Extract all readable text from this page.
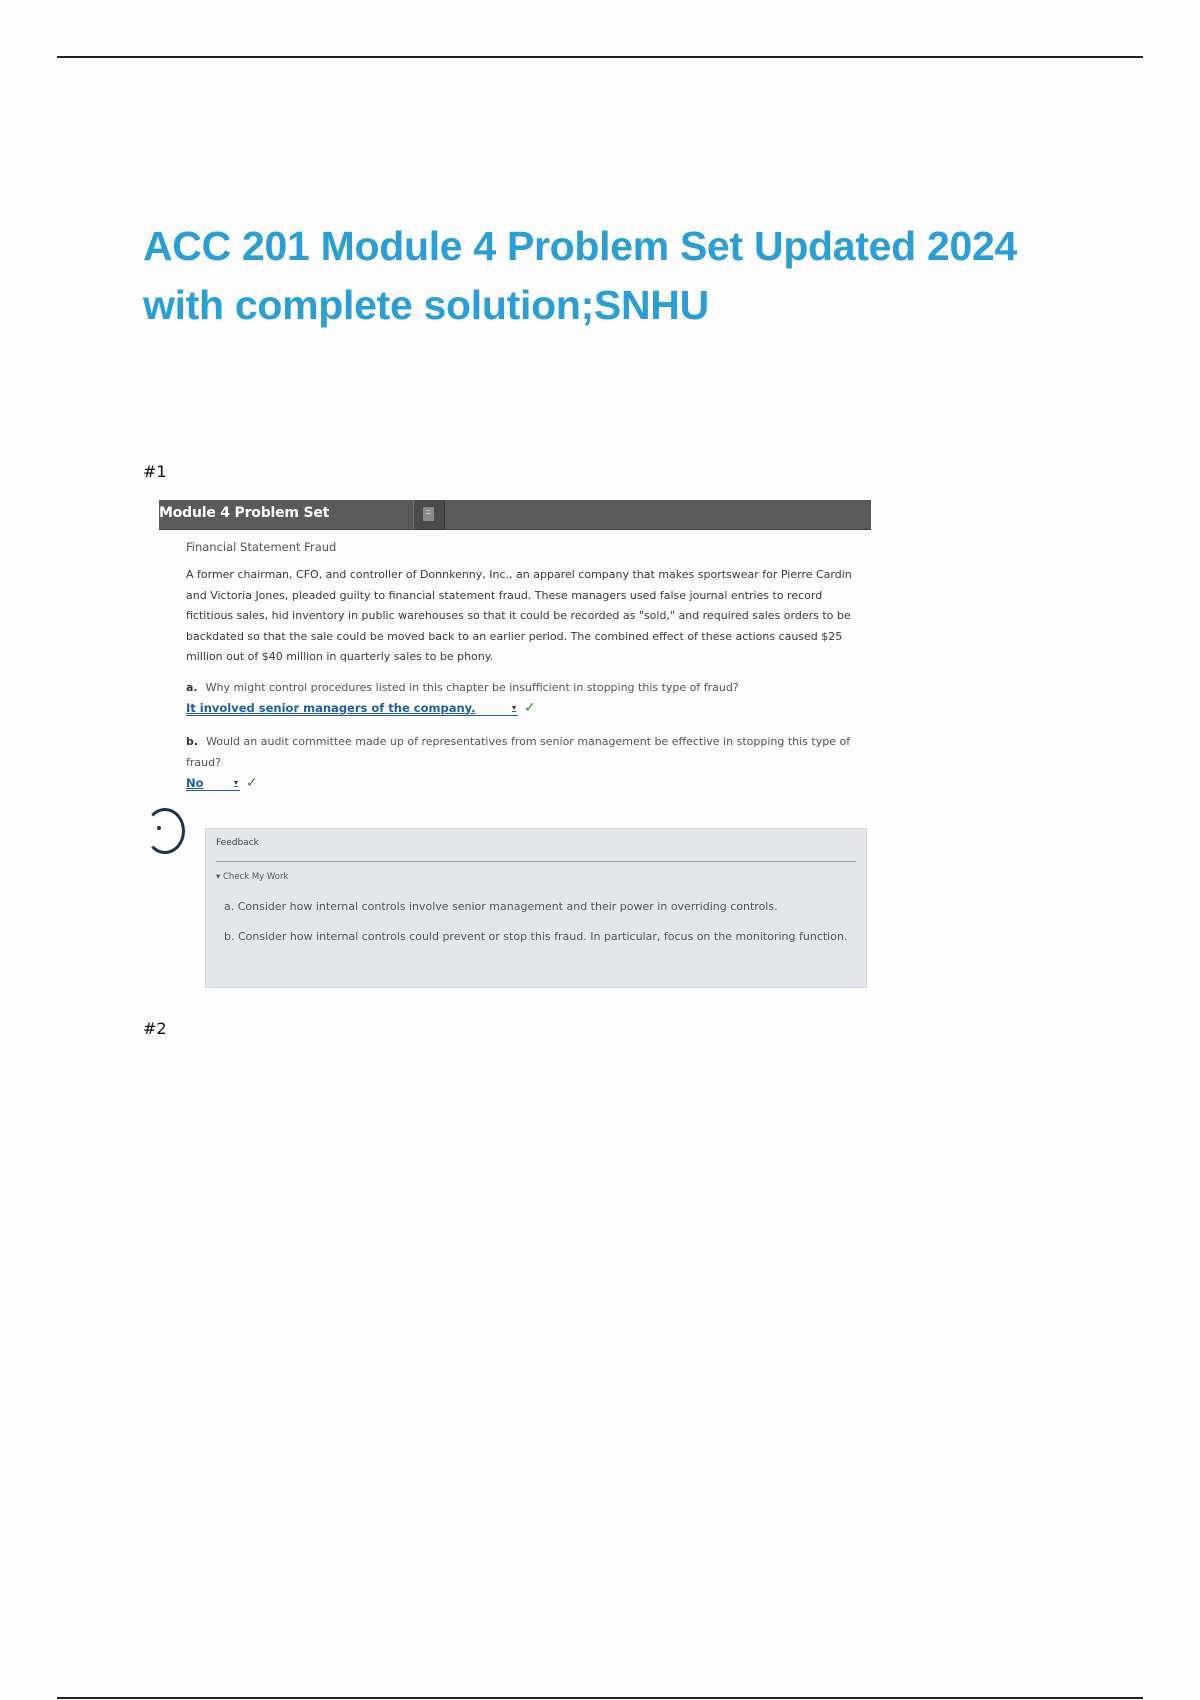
ACC 201 Module 4 Problem Set Updated 2024 with complete solution;SNHU
#1
Module 4 Problem Set

Financial Statement Fraud

A former chairman, CFO, and controller of Donnkenny, Inc., an apparel company that makes sportswear for Pierre Cardin and Victoria Jones, pleaded guilty to financial statement fraud. These managers used false journal entries to record fictitious sales, hid inventory in public warehouses so that it could be recorded as "sold," and required sales orders to be backdated so that the sale could be moved back to an earlier period. The combined effect of these actions caused $25 million out of $40 million in quarterly sales to be phony.

a. Why might control procedures listed in this chapter be insufficient in stopping this type of fraud?

It involved senior managers of the company.	▾ ✓

b. Would an audit committee made up of representatives from senior management be effective in stopping this type of fraud?

No	▾ ✓
Feedback
▾ Check My Work

a. Consider how internal controls involve senior management and their power in overriding controls.

b. Consider how internal controls could prevent or stop this fraud. In particular, focus on the monitoring function.

#2
